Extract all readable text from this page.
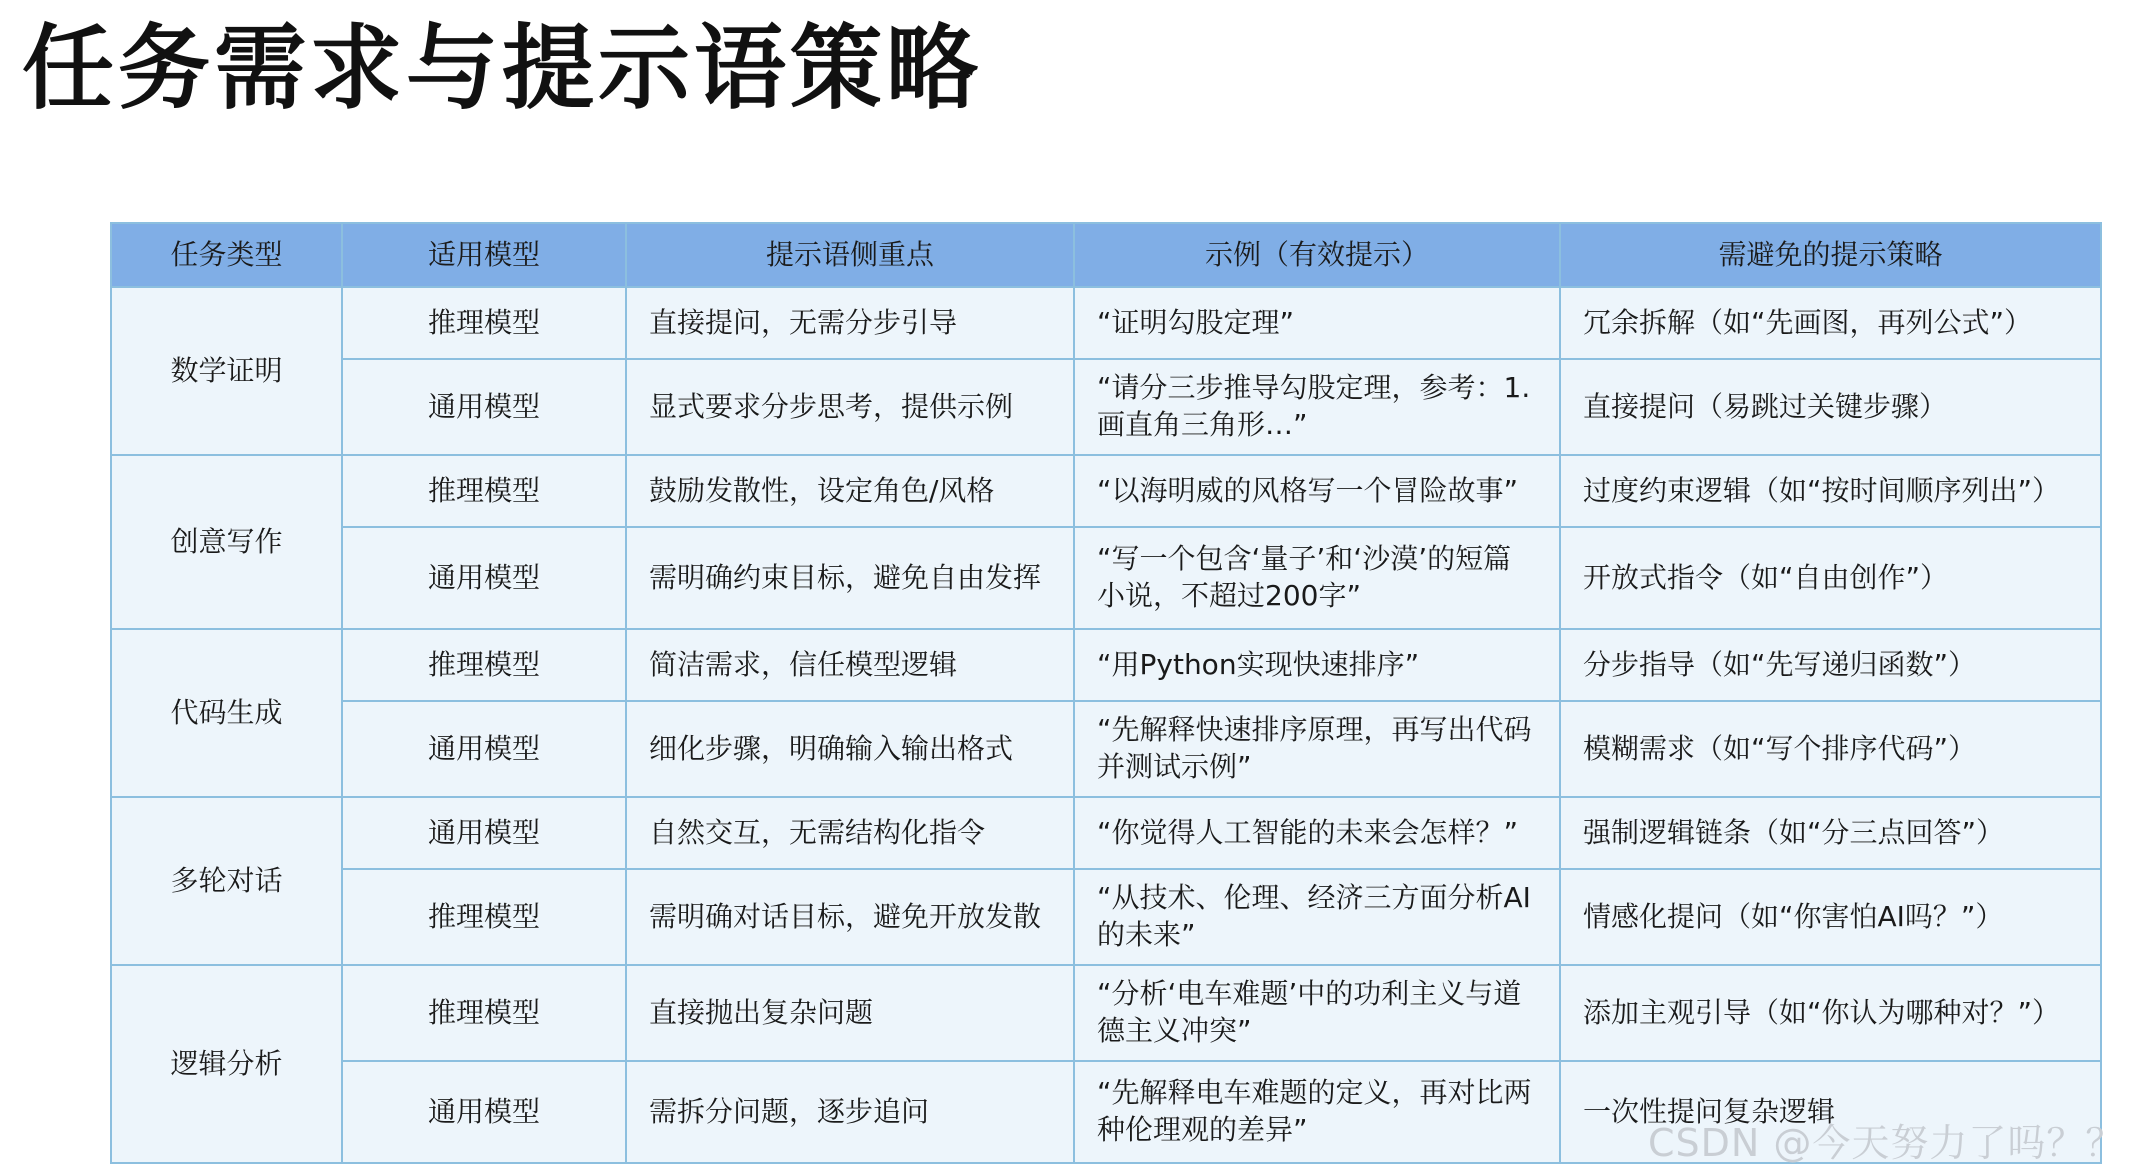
任务需求与提示语策略
任务类型	适用模型	提示语侧重点	示例（有效提示）	需避免的提示策略
数学证明	推理模型	直接提问，无需分步引导	“证明勾股定理”	冗余拆解（如“先画图，再列公式”）
	通用模型	显式要求分步思考，提供示例	“请分三步推导勾股定理，参考：1. 画直角三角形…”	直接提问（易跳过关键步骤）
创意写作	推理模型	鼓励发散性，设定角色/风格	“以海明威的风格写一个冒险故事”	过度约束逻辑（如“按时间顺序列出”）
	通用模型	需明确约束目标，避免自由发挥	“写一个包含‘量子’和‘沙漠’的短篇小说，不超过200字”	开放式指令（如“自由创作”）
代码生成	推理模型	简洁需求，信任模型逻辑	“用Python实现快速排序”	分步指导（如“先写递归函数”）
	通用模型	细化步骤，明确输入输出格式	“先解释快速排序原理，再写出代码并测试示例”	模糊需求（如“写个排序代码”）
多轮对话	通用模型	自然交互，无需结构化指令	“你觉得人工智能的未来会怎样？”	强制逻辑链条（如“分三点回答”）
	推理模型	需明确对话目标，避免开放发散	“从技术、伦理、经济三方面分析AI的未来”	情感化提问（如“你害怕AI吗？”）
逻辑分析	推理模型	直接抛出复杂问题	“分析‘电车难题’中的功利主义与道德主义冲突”	添加主观引导（如“你认为哪种对？”）
	通用模型	需拆分问题，逐步追问	“先解释电车难题的定义，再对比两种伦理观的差异”	一次性提问复杂逻辑
CSDN @今天努力了吗？？
